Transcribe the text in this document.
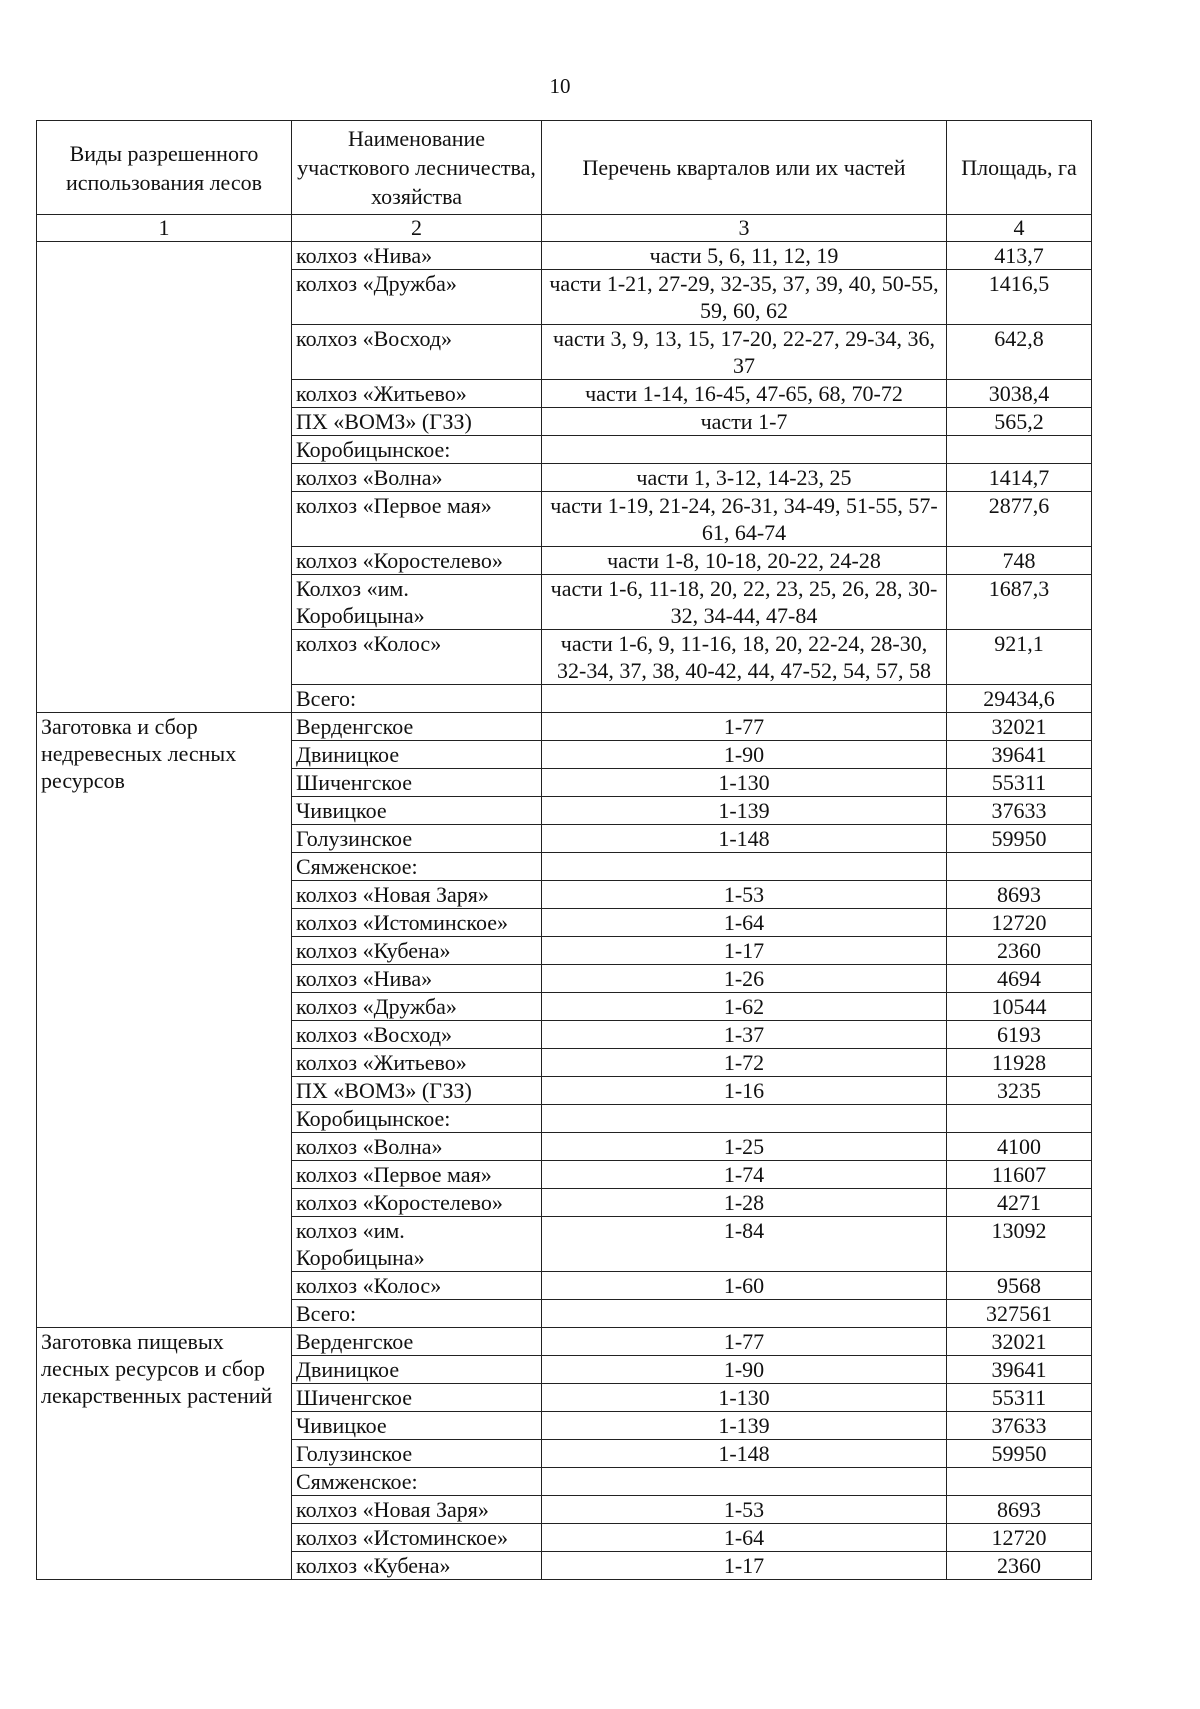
10
Виды разрешенного использования лесов	Наименование участкового лесничества, хозяйства	Перечень кварталов или их частей	Площадь, га
1	2	3	4
	колхоз «Нива»	части 5, 6, 11, 12, 19	413,7
	колхоз «Дружба»	части 1-21, 27-29, 32-35, 37, 39, 40, 50-55, 59, 60, 62	1416,5
	колхоз «Восход»	части 3, 9, 13, 15, 17-20, 22-27, 29-34, 36, 37	642,8
	колхоз «Житьево»	части 1-14, 16-45, 47-65, 68, 70-72	3038,4
	ПХ «ВОМЗ» (ГЗЗ)	части 1-7	565,2
	Коробицынское:		
	колхоз «Волна»	части 1, 3-12, 14-23, 25	1414,7
	колхоз «Первое мая»	части 1-19, 21-24, 26-31, 34-49, 51-55, 57-61, 64-74	2877,6
	колхоз «Коростелево»	части 1-8, 10-18, 20-22, 24-28	748
	Колхоз «им. Коробицына»	части 1-6, 11-18, 20, 22, 23, 25, 26, 28, 30-32, 34-44, 47-84	1687,3
	колхоз «Колос»	части 1-6, 9, 11-16, 18, 20, 22-24, 28-30, 32-34, 37, 38, 40-42, 44, 47-52, 54, 57, 58	921,1
	Всего:		29434,6
Заготовка и сбор недревесных лесных ресурсов	Верденгское	1-77	32021
	Двиницкое	1-90	39641
	Шиченгское	1-130	55311
	Чивицкое	1-139	37633
	Голузинское	1-148	59950
	Сямженское:		
	колхоз «Новая Заря»	1-53	8693
	колхоз «Истоминское»	1-64	12720
	колхоз «Кубена»	1-17	2360
	колхоз «Нива»	1-26	4694
	колхоз «Дружба»	1-62	10544
	колхоз «Восход»	1-37	6193
	колхоз «Житьево»	1-72	11928
	ПХ «ВОМЗ» (ГЗЗ)	1-16	3235
	Коробицынское:		
	колхоз «Волна»	1-25	4100
	колхоз «Первое мая»	1-74	11607
	колхоз «Коростелево»	1-28	4271
	колхоз «им. Коробицына»	1-84	13092
	колхоз «Колос»	1-60	9568
	Всего:		327561
Заготовка пищевых лесных ресурсов и сбор лекарственных растений	Верденгское	1-77	32021
	Двиницкое	1-90	39641
	Шиченгское	1-130	55311
	Чивицкое	1-139	37633
	Голузинское	1-148	59950
	Сямженское:		
	колхоз «Новая Заря»	1-53	8693
	колхоз «Истоминское»	1-64	12720
	колхоз «Кубена»	1-17	2360
